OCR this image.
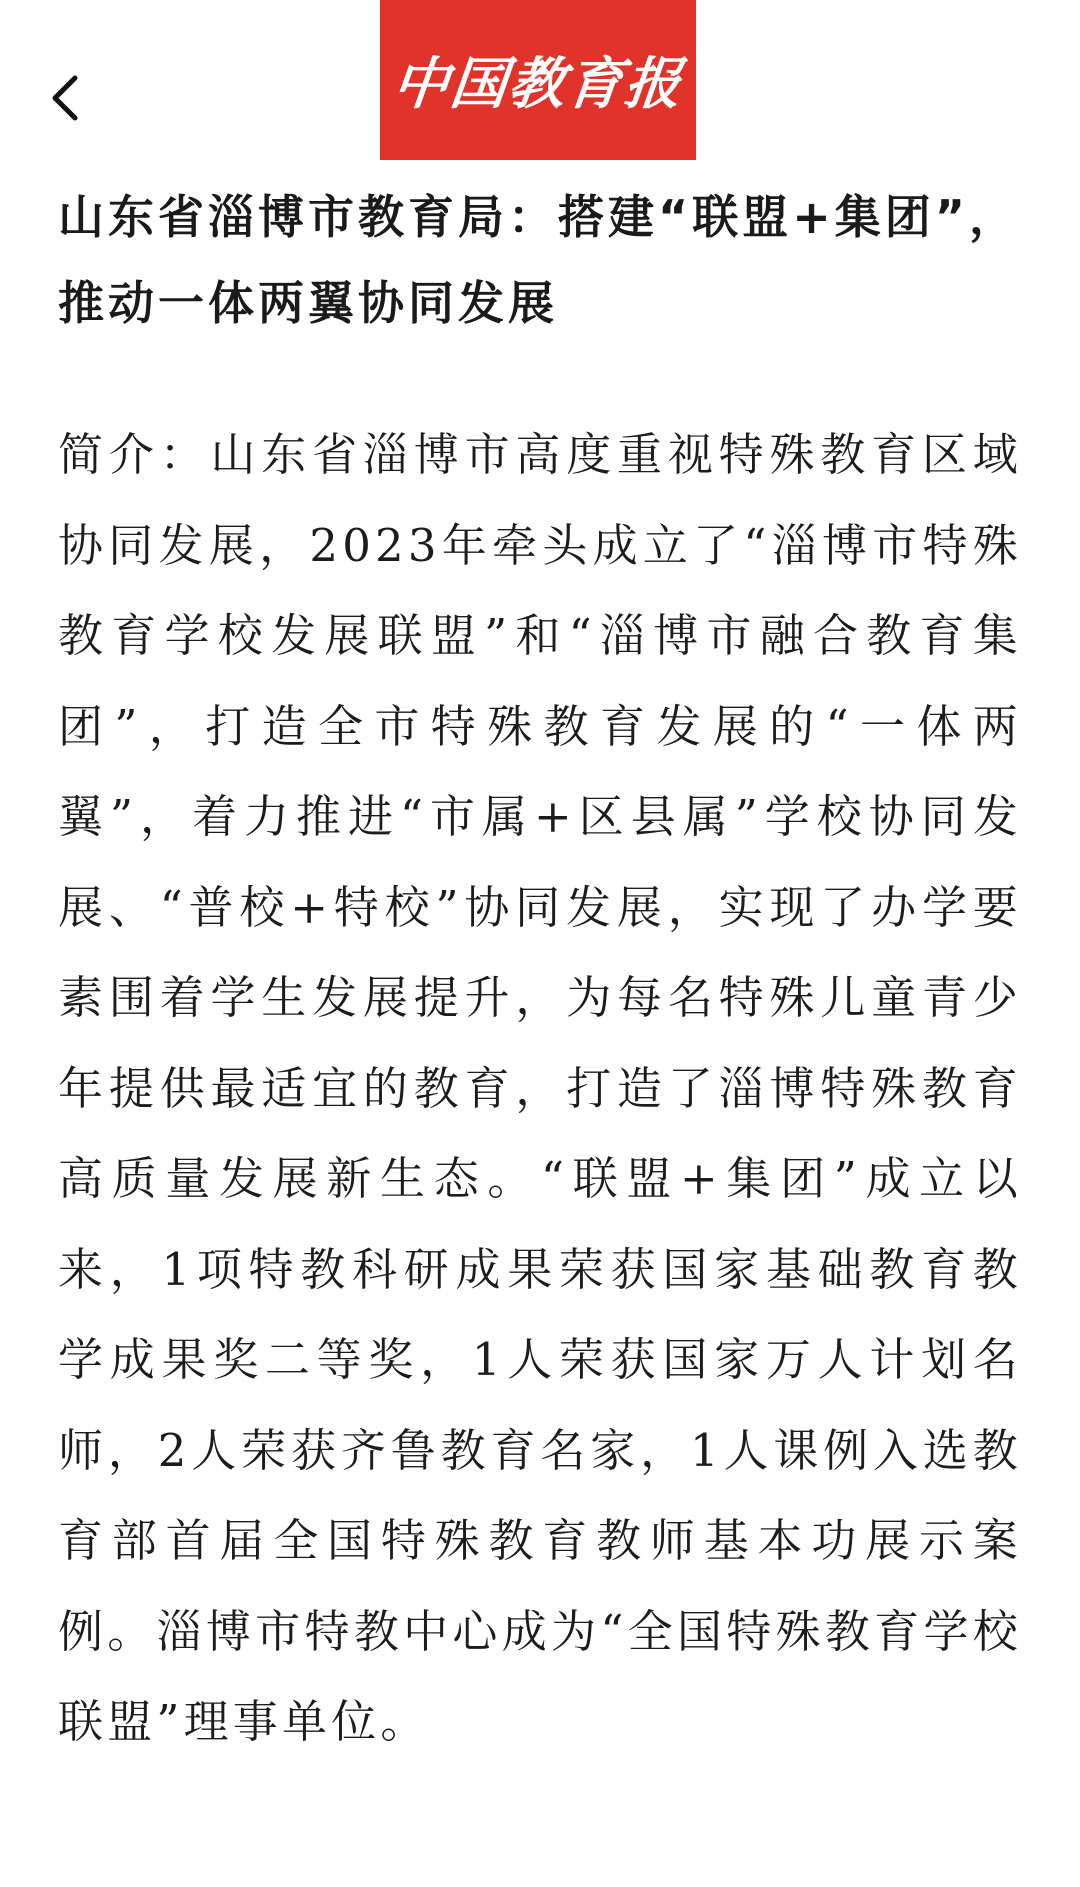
中国教育报
山东省淄博市教育局：搭建“联盟+集团”，推动一体两翼协同发展

简介：山东省淄博市高度重视特殊教育区域协同发展，2023年牵头成立了“淄博市特殊教育学校发展联盟”和“淄博市融合教育集团”，打造全市特殊教育发展的“一体两翼”，着力推进“市属+区县属”学校协同发展、“普校+特校”协同发展，实现了办学要素围着学生发展提升，为每名特殊儿童青少年提供最适宜的教育，打造了淄博特殊教育高质量发展新生态。“联盟+集团”成立以来，1项特教科研成果荣获国家基础教育教学成果奖二等奖，1人荣获国家万人计划名师，2人荣获齐鲁教育名家，1人课例入选教育部首届全国特殊教育教师基本功展示案例。淄博市特教中心成为“全国特殊教育学校联盟”理事单位。
